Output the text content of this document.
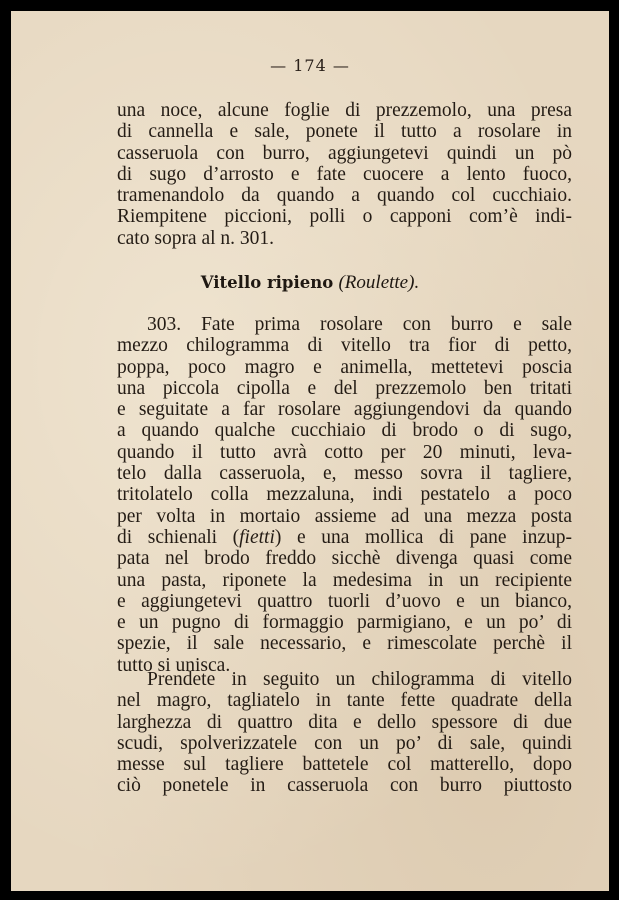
— 174 —
una noce, alcune foglie di prezzemolo, una presa
di cannella e sale, ponete il tutto a rosolare in
casseruola con burro, aggiungetevi quindi un pò
di sugo d’arrosto e fate cuocere a lento fuoco,
tramenandolo da quando a quando col cucchiaio.
Riempitene piccioni, polli o capponi com’è indi-
cato sopra al n. 301.
Vitello ripieno (Roulette).
303. Fate prima rosolare con burro e sale
mezzo chilogramma di vitello tra fior di petto,
poppa, poco magro e animella, mettetevi poscia
una piccola cipolla e del prezzemolo ben tritati
e seguitate a far rosolare aggiungendovi da quando
a quando qualche cucchiaio di brodo o di sugo,
quando il tutto avrà cotto per 20 minuti, leva-
telo dalla casseruola, e, messo sovra il tagliere,
tritolatelo colla mezzaluna, indi pestatelo a poco
per volta in mortaio assieme ad una mezza posta
di schienali (fietti) e una mollica di pane inzup-
pata nel brodo freddo sicchè divenga quasi come
una pasta, riponete la medesima in un recipiente
e aggiungetevi quattro tuorli d’uovo e un bianco,
e un pugno di formaggio parmigiano, e un po’ di
spezie, il sale necessario, e rimescolate perchè il
tutto si unisca.
Prendete in seguito un chilogramma di vitello
nel magro, tagliatelo in tante fette quadrate della
larghezza di quattro dita e dello spessore di due
scudi, spolverizzatele con un po’ di sale, quindi
messe sul tagliere battetele col matterello, dopo
ciò ponetele in casseruola con burro piuttosto
